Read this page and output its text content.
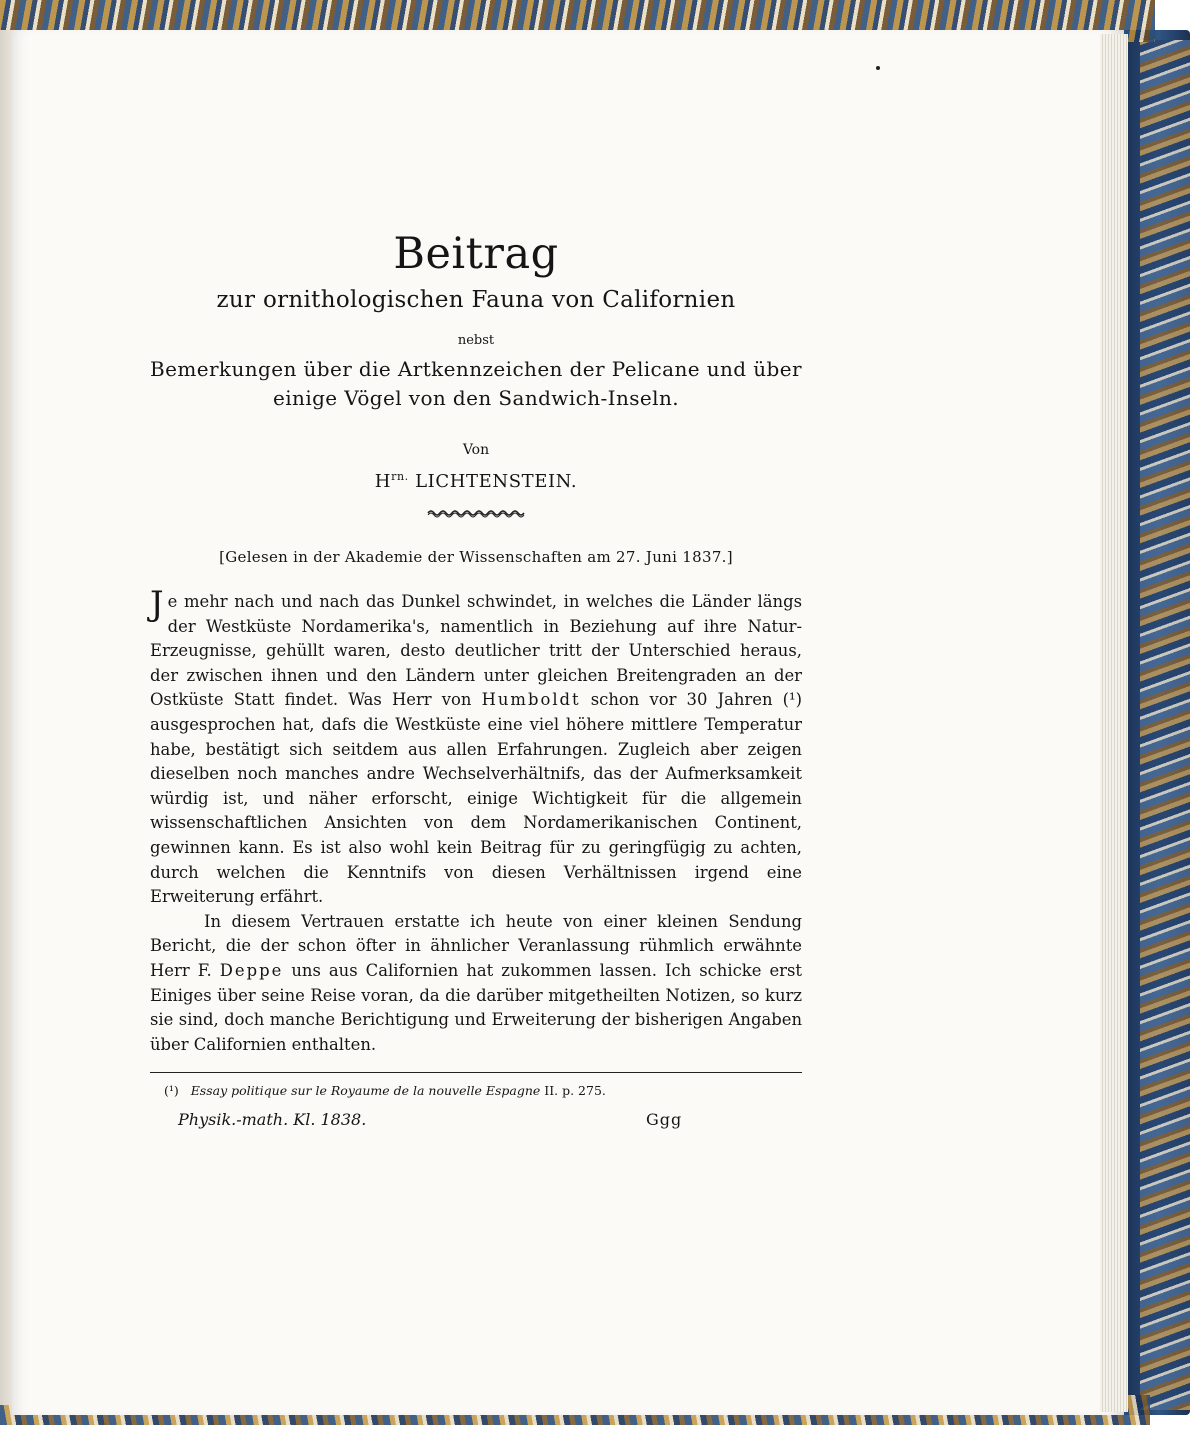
Beitrag
zur ornithologischen Fauna von Californien
nebst
Bemerkungen über die Artkennzeichen der Pelicane und über
einige Vögel von den Sandwich-Inseln.
Von
$H^{rn.}$ LICHTENSTEIN.
[Gelesen in der Akademie der Wissenschaften am 27. Juni 1837.]

Je mehr nach und nach das Dunkel schwindet, in welches die Länder längs der Westküste Nordamerika's, namentlich in Beziehung auf ihre Natur-Erzeugnisse, gehüllt waren, desto deutlicher tritt der Unterschied heraus, der zwischen ihnen und den Ländern unter gleichen Breitengraden an der Ostküste Statt findet. Was Herr von Humboldt schon vor 30 Jahren (¹) ausgesprochen hat, dafs die Westküste eine viel höhere mittlere Temperatur habe, bestätigt sich seitdem aus allen Erfahrungen. Zugleich aber zeigen dieselben noch manches andre Wechselverhältnifs, das der Aufmerksamkeit würdig ist, und näher erforscht, einige Wichtigkeit für die allgemein wissenschaftlichen Ansichten von dem Nordamerikanischen Continent, gewinnen kann. Es ist also wohl kein Beitrag für zu geringfügig zu achten, durch welchen die Kenntnifs von diesen Verhältnissen irgend eine Erweiterung erfährt.

In diesem Vertrauen erstatte ich heute von einer kleinen Sendung Bericht, die der schon öfter in ähnlicher Veranlassung rühmlich erwähnte Herr F. Deppe uns aus Californien hat zukommen lassen. Ich schicke erst Einiges über seine Reise voran, da die darüber mitgetheilten Notizen, so kurz sie sind, doch manche Berichtigung und Erweiterung der bisherigen Angaben über Californien enthalten.

(¹) Essay politique sur le Royaume de la nouvelle Espagne II. p. 275.
Physik.-math. Kl. 1838.	Ggg
